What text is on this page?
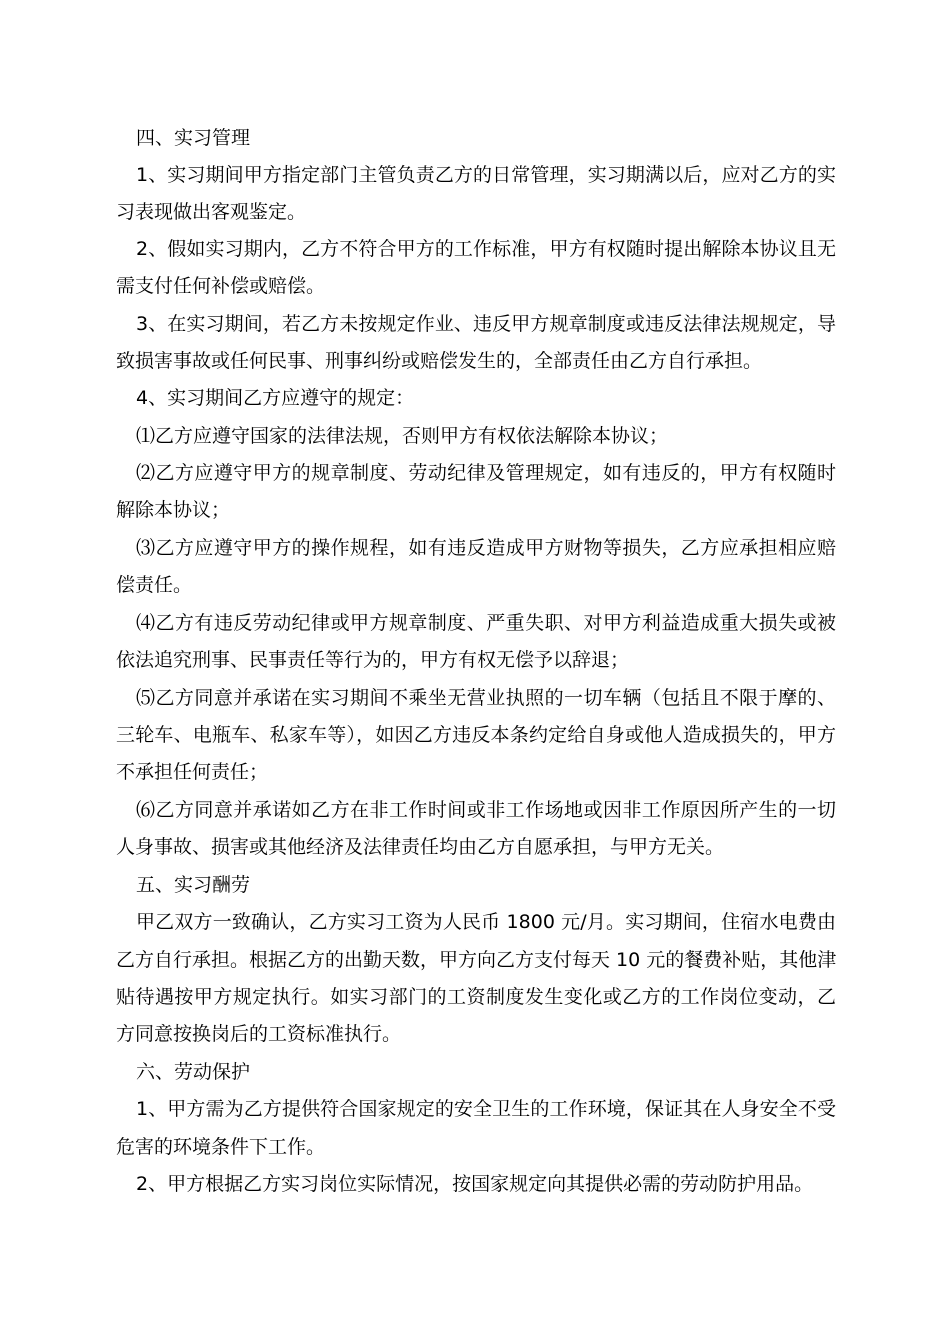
四、实习管理
1、实习期间甲方指定部门主管负责乙方的日常管理，实习期满以后，应对乙方的实
习表现做出客观鉴定。
2、假如实习期内，乙方不符合甲方的工作标准，甲方有权随时提出解除本协议且无
需支付任何补偿或赔偿。
3、在实习期间，若乙方未按规定作业、违反甲方规章制度或违反法律法规规定，导
致损害事故或任何民事、刑事纠纷或赔偿发生的，全部责任由乙方自行承担。
4、实习期间乙方应遵守的规定：
⑴乙方应遵守国家的法律法规，否则甲方有权依法解除本协议；
⑵乙方应遵守甲方的规章制度、劳动纪律及管理规定，如有违反的，甲方有权随时
解除本协议；
⑶乙方应遵守甲方的操作规程，如有违反造成甲方财物等损失，乙方应承担相应赔
偿责任。
⑷乙方有违反劳动纪律或甲方规章制度、严重失职、对甲方利益造成重大损失或被
依法追究刑事、民事责任等行为的，甲方有权无偿予以辞退；
⑸乙方同意并承诺在实习期间不乘坐无营业执照的一切车辆（包括且不限于摩的、
三轮车、电瓶车、私家车等），如因乙方违反本条约定给自身或他人造成损失的，甲方
不承担任何责任；
⑹乙方同意并承诺如乙方在非工作时间或非工作场地或因非工作原因所产生的一切
人身事故、损害或其他经济及法律责任均由乙方自愿承担，与甲方无关。
五、实习酬劳
甲乙双方一致确认，乙方实习工资为人民币 1800 元/月。实习期间，住宿水电费由
乙方自行承担。根据乙方的出勤天数，甲方向乙方支付每天 10 元的餐费补贴，其他津
贴待遇按甲方规定执行。如实习部门的工资制度发生变化或乙方的工作岗位变动，乙
方同意按换岗后的工资标准执行。
六、劳动保护
1、甲方需为乙方提供符合国家规定的安全卫生的工作环境，保证其在人身安全不受
危害的环境条件下工作。
2、甲方根据乙方实习岗位实际情况，按国家规定向其提供必需的劳动防护用品。
